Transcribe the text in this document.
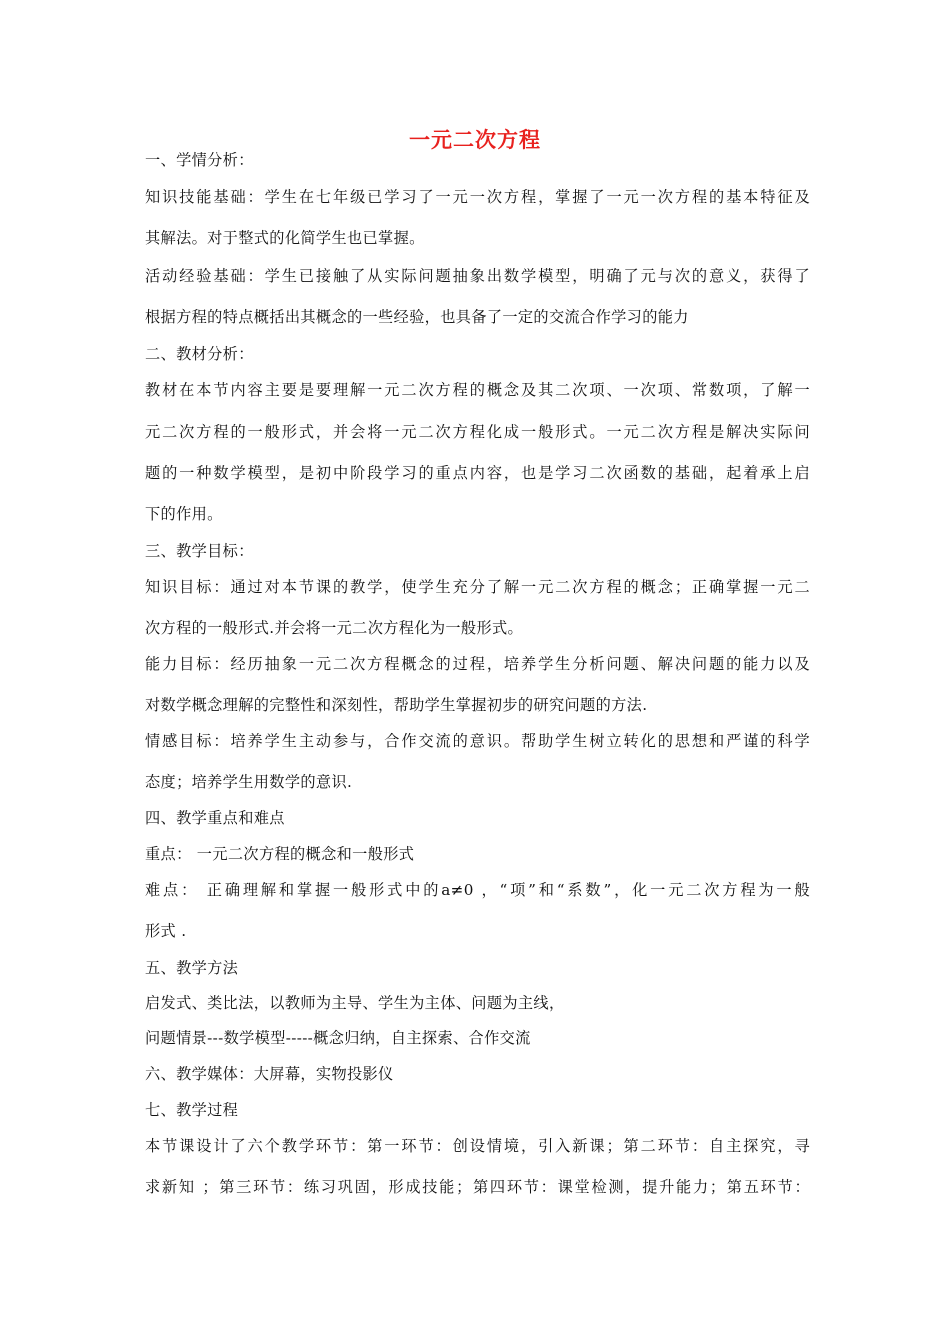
一元二次方程
一、学情分析：
知识技能基础：学生在七年级已学习了一元一次方程，掌握了一元一次方程的基本特征及
其解法。对于整式的化简学生也已掌握。
活动经验基础：学生已接触了从实际问题抽象出数学模型，明确了元与次的意义，获得了
根据方程的特点概括出其概念的一些经验，也具备了一定的交流合作学习的能力
二、教材分析：
教材在本节内容主要是要理解一元二次方程的概念及其二次项、一次项、常数项，了解一
元二次方程的一般形式，并会将一元二次方程化成一般形式。一元二次方程是解决实际问
题的一种数学模型，是初中阶段学习的重点内容，也是学习二次函数的基础，起着承上启
下的作用。
三、教学目标：
知识目标：通过对本节课的教学，使学生充分了解一元二次方程的概念；正确掌握一元二
次方程的一般形式.并会将一元二次方程化为一般形式。
能力目标：经历抽象一元二次方程概念的过程，培养学生分析问题、解决问题的能力以及
对数学概念理解的完整性和深刻性，帮助学生掌握初步的研究问题的方法.
情感目标：培养学生主动参与，合作交流的意识。帮助学生树立转化的思想和严谨的科学
态度；培养学生用数学的意识.
四、教学重点和难点
重点： 一元二次方程的概念和一般形式
难点： 正确理解和掌握一般形式中的a≠0 ，“项”和“系数”，化一元二次方程为一般
形式 .
五、教学方法
启发式、类比法，以教师为主导、学生为主体、问题为主线，
问题情景---数学模型-----概念归纳，自主探索、合作交流
六、教学媒体：大屏幕，实物投影仪
七、教学过程
本节课设计了六个教学环节：第一环节：创设情境，引入新课；第二环节：自主探究，寻
求新知 ；第三环节：练习巩固，形成技能；第四环节：课堂检测，提升能力；第五环节：
